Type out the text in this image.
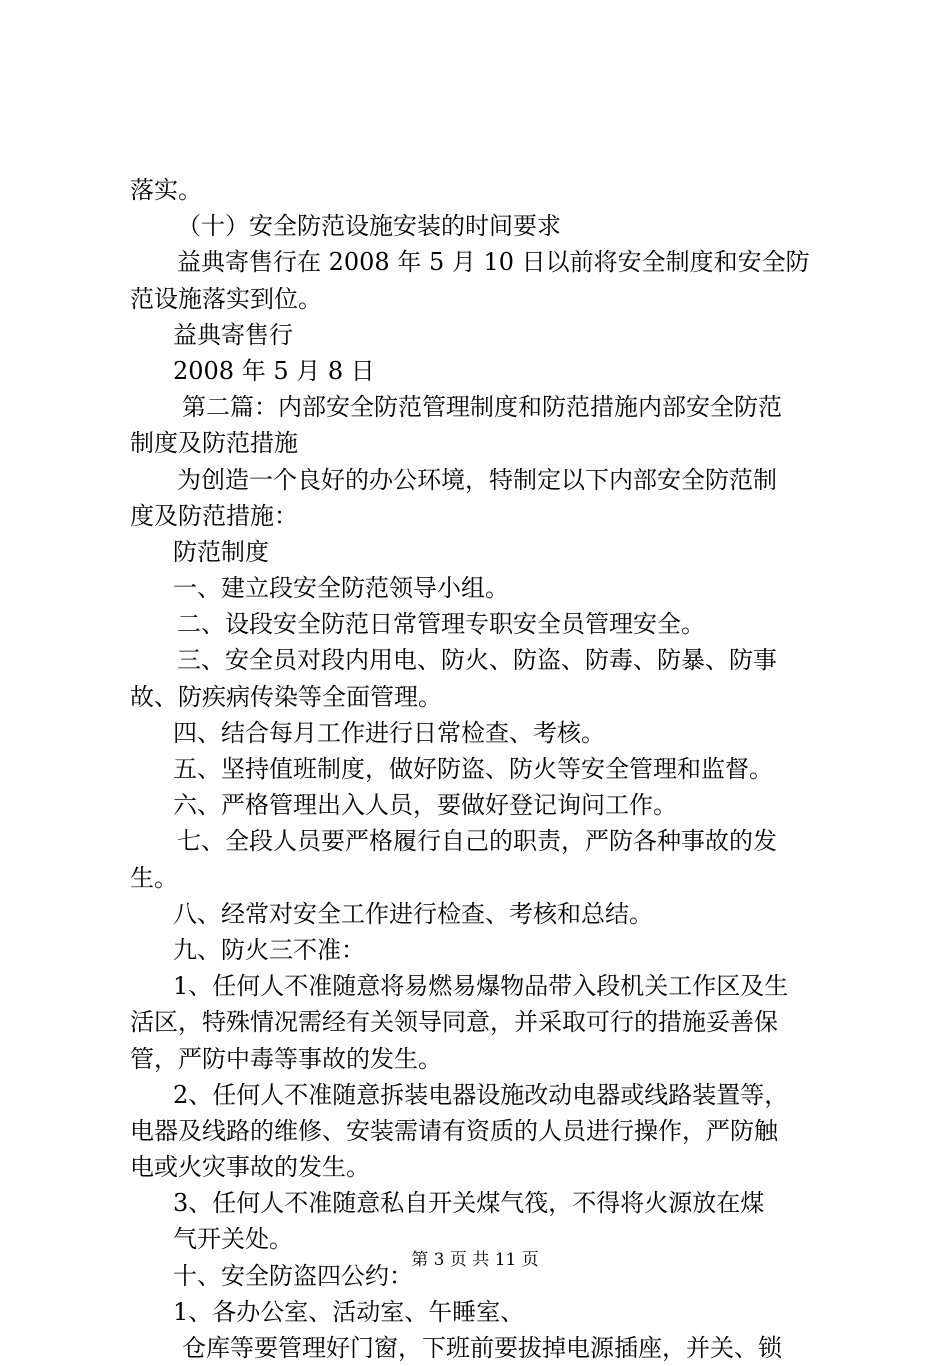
落实。
（十）安全防范设施安装的时间要求
益典寄售行在 2008 年 5 月 10 日以前将安全制度和安全防
范设施落实到位。
益典寄售行
2008 年 5 月 8 日
第二篇：内部安全防范管理制度和防范措施内部安全防范
制度及防范措施
为创造一个良好的办公环境，特制定以下内部安全防范制
度及防范措施：
防范制度
一、建立段安全防范领导小组。
二、设段安全防范日常管理专职安全员管理安全。
三、安全员对段内用电、防火、防盗、防毒、防暴、防事
故、防疾病传染等全面管理。
四、结合每月工作进行日常检查、考核。
五、坚持值班制度，做好防盗、防火等安全管理和监督。
六、严格管理出入人员，要做好登记询问工作。
七、全段人员要严格履行自己的职责，严防各种事故的发
生。
八、经常对安全工作进行检查、考核和总结。
九、防火三不准：
1、任何人不准随意将易燃易爆物品带入段机关工作区及生
活区，特殊情况需经有关领导同意，并采取可行的措施妥善保
管，严防中毒等事故的发生。
2、任何人不准随意拆装电器设施改动电器或线路装置等，
电器及线路的维修、安装需请有资质的人员进行操作，严防触
电或火灾事故的发生。
3、任何人不准随意私自开关煤气筏，不得将火源放在煤
气开关处。
十、安全防盗四公约：
1、各办公室、活动室、午睡室、
仓库等要管理好门窗，下班前要拔掉电源插座，并关、锁
第 3 页 共 11 页
